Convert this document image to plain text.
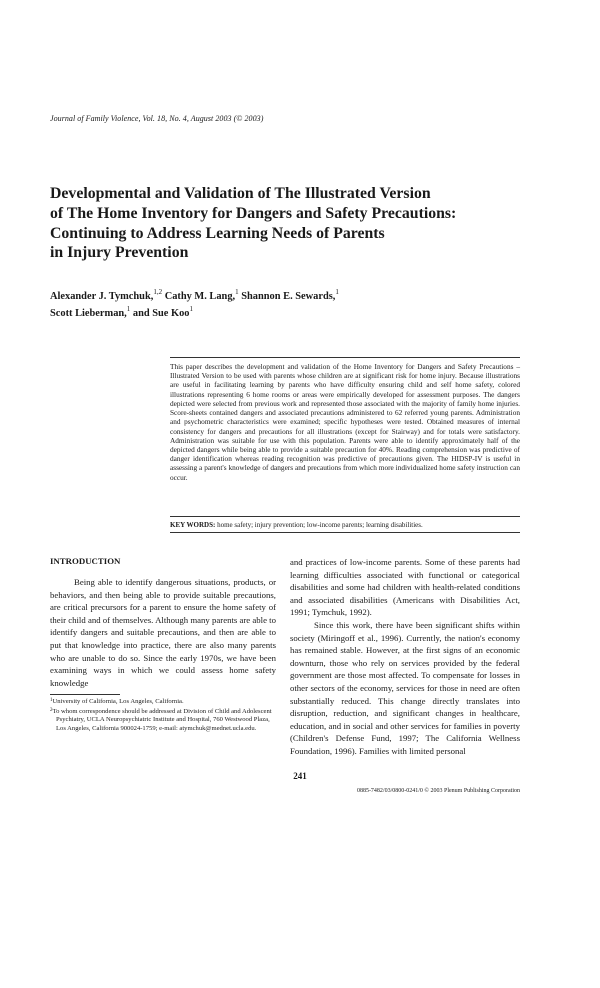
Journal of Family Violence, Vol. 18, No. 4, August 2003 (© 2003)
Developmental and Validation of The Illustrated Version
of The Home Inventory for Dangers and Safety Precautions:
Continuing to Address Learning Needs of Parents
in Injury Prevention
Alexander J. Tymchuk,$^{1,2}$ Cathy M. Lang,$^1$ Shannon E. Sewards,$^1$
Scott Lieberman,$^1$ and Sue Koo$^1$
This paper describes the development and validation of the Home Inventory for Dangers and Safety Precautions – Illustrated Version to be used with parents whose children are at significant risk for home injury. Because illustrations are useful in facilitating learning by parents who have difficulty ensuring child and self home safety, colored illustrations representing 6 home rooms or areas were empirically developed for assessment purposes. The dangers depicted were selected from previous work and represented those associated with the majority of family home injuries. Score-sheets contained dangers and associated precautions administered to 62 referred young parents. Administration and psychometric characteristics were examined; specific hypotheses were tested. Obtained measures of internal consistency for dangers and precautions for all illustrations (except for Stairway) and for totals were satisfactory. Administration was suitable for use with this population. Parents were able to identify approximately half of the depicted dangers while being able to provide a suitable precaution for 40%. Reading comprehension was predictive of danger identification whereas reading recognition was predictive of precautions given. The HIDSP-IV is useful in assessing a parent's knowledge of dangers and precautions from which more individualized home safety instruction can occur.
KEY WORDS: home safety; injury prevention; low-income parents; learning disabilities.
INTRODUCTION

Being able to identify dangerous situations, products, or behaviors, and then being able to provide suitable precautions, are critical precursors for a parent to ensure the home safety of their child and of themselves. Although many parents are able to identify dangers and suitable precautions, and then are able to put that knowledge into practice, there are also many parents who are unable to do so. Since the early 1970s, we have been examining ways in which we could assess home safety knowledge

and practices of low-income parents. Some of these parents had learning difficulties associated with functional or categorical disabilities and some had children with health-related conditions and associated disabilities (Americans with Disabilities Act, 1991; Tymchuk, 1992).

Since this work, there have been significant shifts within society (Miringoff et al., 1996). Currently, the nation's economy has remained stable. However, at the first signs of an economic downturn, those who rely on services provided by the federal government are those most affected. To compensate for losses in other sectors of the economy, services for those in need are often substantially reduced. This change directly translates into disruption, reduction, and significant changes in healthcare, education, and in social and other services for families in poverty (Children's Defense Fund, 1997; The California Wellness Foundation, 1996). Families with limited personal

$^1$University of California, Los Angeles, California.

$^2$To whom correspondence should be addressed at Division of Child and Adolescent Psychiatry, UCLA Neuropsychiatric Institute and Hospital, 760 Westwood Plaza, Los Angeles, California 900024-1759; e-mail: atymchuk@mednet.ucla.edu.

241
0885-7482/03/0800-0241/0 © 2003 Plenum Publishing Corporation
